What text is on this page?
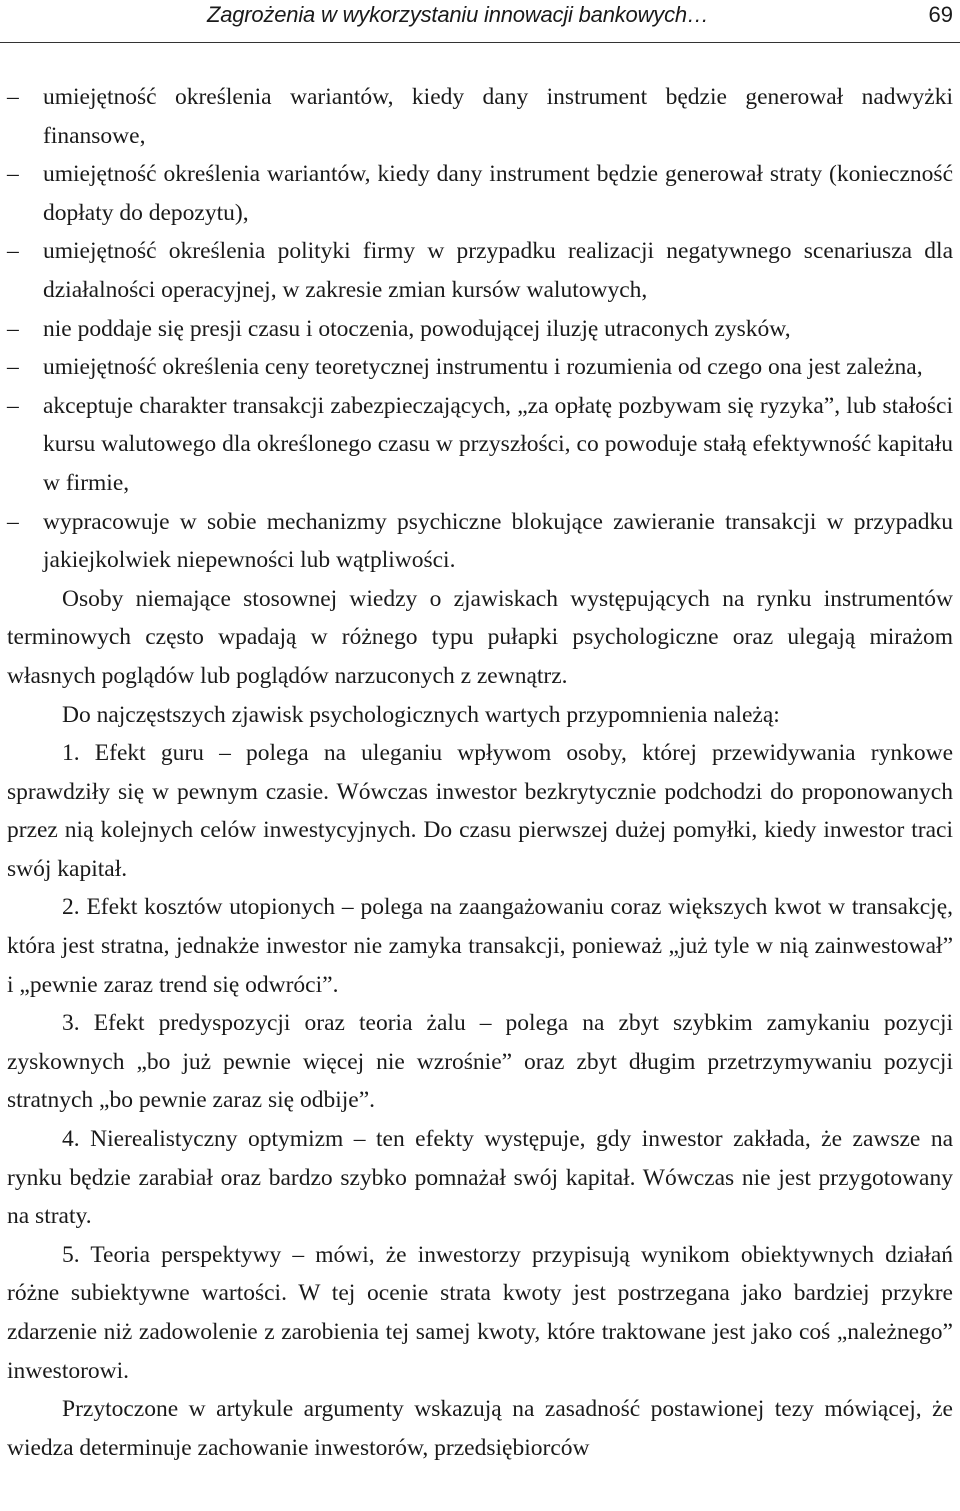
Zagrożenia w wykorzystaniu innowacji bankowych…	69
–	umiejętność określenia wariantów, kiedy dany instrument będzie generował nadwyżki finansowe,
–	umiejętność określenia wariantów, kiedy dany instrument będzie generował straty (konieczność dopłaty do depozytu),
–	umiejętność określenia polityki firmy w przypadku realizacji negatywnego scenariusza dla działalności operacyjnej, w zakresie zmian kursów walutowych,
–	nie poddaje się presji czasu i otoczenia, powodującej iluzję utraconych zysków,
–	umiejętność określenia ceny teoretycznej instrumentu i rozumienia od czego ona jest zależna,
–	akceptuje charakter transakcji zabezpieczających, „za opłatę pozbywam się ryzyka”, lub stałości kursu walutowego dla określonego czasu w przyszłości, co powoduje stałą efektywność kapitału w firmie,
–	wypracowuje w sobie mechanizmy psychiczne blokujące zawieranie transakcji w przypadku jakiejkolwiek niepewności lub wątpliwości.

Osoby niemające stosownej wiedzy o zjawiskach występujących na rynku instrumentów terminowych często wpadają w różnego typu pułapki psychologiczne oraz ulegają mirażom własnych poglądów lub poglądów narzuconych z zewnątrz.

Do najczęstszych zjawisk psychologicznych wartych przypomnienia należą:

1. Efekt guru – polega na uleganiu wpływom osoby, której przewidywania rynkowe sprawdziły się w pewnym czasie. Wówczas inwestor bezkrytycznie podchodzi do proponowanych przez nią kolejnych celów inwestycyjnych. Do czasu pierwszej dużej pomyłki, kiedy inwestor traci swój kapitał.

2. Efekt kosztów utopionych – polega na zaangażowaniu coraz większych kwot w transakcję, która jest stratna, jednakże inwestor nie zamyka transakcji, ponieważ „już tyle w nią zainwestował” i „pewnie zaraz trend się odwróci”.

3. Efekt predyspozycji oraz teoria żalu – polega na zbyt szybkim zamykaniu pozycji zyskownych „bo już pewnie więcej nie wzrośnie” oraz zbyt długim przetrzymywaniu pozycji stratnych „bo pewnie zaraz się odbije”.

4. Nierealistyczny optymizm – ten efekty występuje, gdy inwestor zakłada, że zawsze na rynku będzie zarabiał oraz bardzo szybko pomnażał swój kapitał. Wówczas nie jest przygotowany na straty.

5. Teoria perspektywy – mówi, że inwestorzy przypisują wynikom obiektywnych działań różne subiektywne wartości. W tej ocenie strata kwoty jest postrzegana jako bardziej przykre zdarzenie niż zadowolenie z zarobienia tej samej kwoty, które traktowane jest jako coś „należnego” inwestorowi.

Przytoczone w artykule argumenty wskazują na zasadność postawionej tezy mówiącej, że wiedza determinuje zachowanie inwestorów, przedsiębiorców
